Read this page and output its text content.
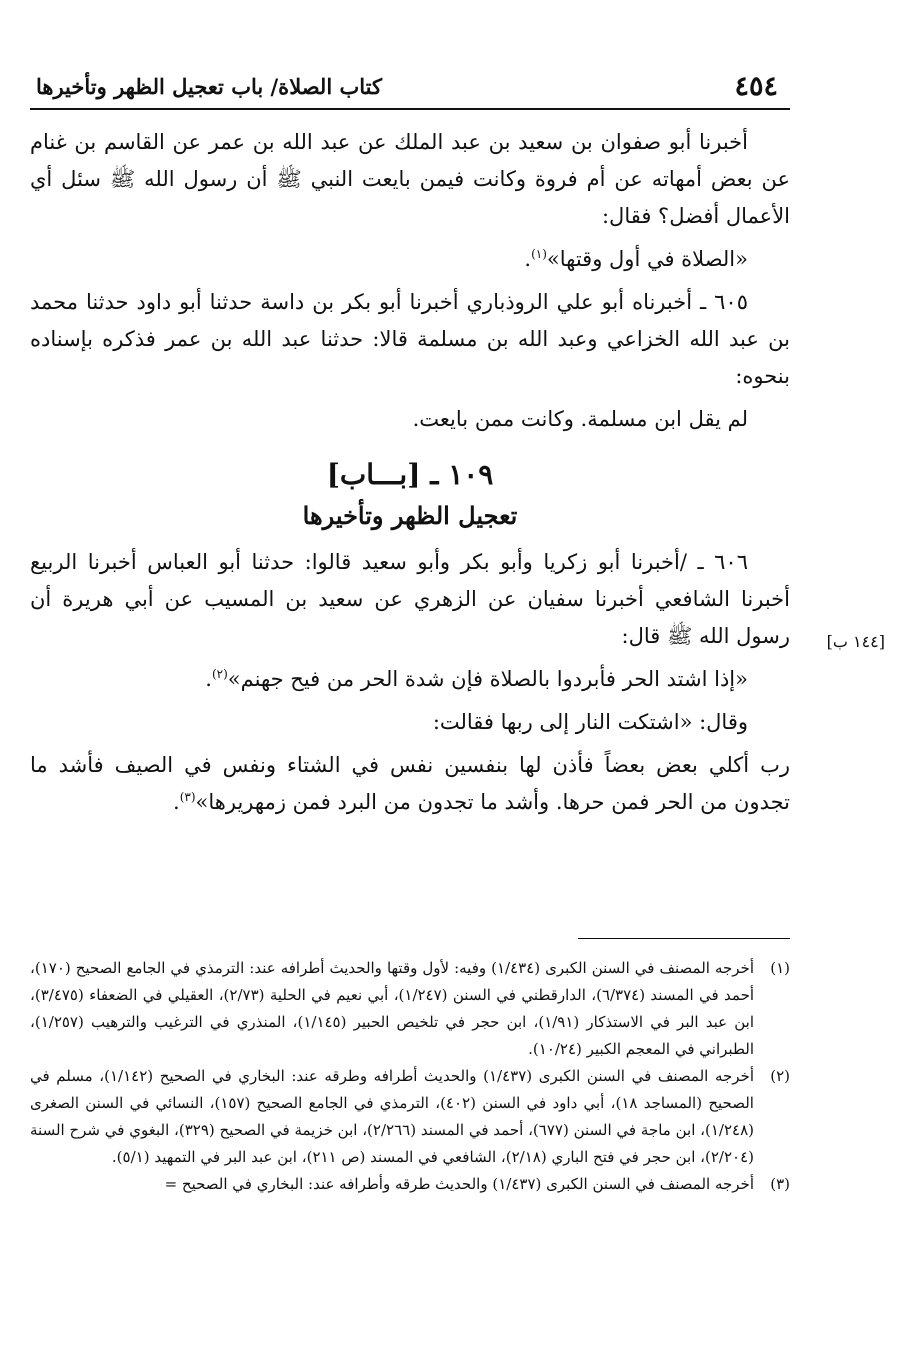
٤٥٤
كتاب الصلاة/ باب تعجيل الظهر وتأخيرها

أخبرنا أبو صفوان بن سعيد بن عبد الملك عن عبد الله بن عمر عن القاسم بن غنام عن بعض أمهاته عن أم فروة وكانت فيمن بايعت النبي ﷺ أن رسول الله ﷺ سئل أي الأعمال أفضل؟ فقال:

«الصلاة في أول وقتها»$^{(١)}$.

٦٠٥ ـ أخبرناه أبو علي الروذباري أخبرنا أبو بكر بن داسة حدثنا أبو داود حدثنا محمد بن عبد الله الخزاعي وعبد الله بن مسلمة قالا: حدثنا عبد الله بن عمر فذكره بإسناده بنحوه:

لم يقل ابن مسلمة. وكانت ممن بايعت.

١٠٩ ـ [بـــاب]
تعجيل الظهر وتأخيرها

٦٠٦ ـ /أخبرنا أبو زكريا وأبو بكر وأبو سعيد قالوا: حدثنا أبو العباس أخبرنا الربيع أخبرنا الشافعي أخبرنا سفيان عن الزهري عن سعيد بن المسيب عن أبي هريرة أن رسول الله ﷺ قال:

«إذا اشتد الحر فأبردوا بالصلاة فإن شدة الحر من فيح جهنم»$^{(٢)}$.

وقال: «اشتكت النار إلى ربها فقالت:

رب أكلي بعض بعضاً فأذن لها بنفسين نفس في الشتاء ونفس في الصيف فأشد ما تجدون من الحر فمن حرها. وأشد ما تجدون من البرد فمن زمهريرها»$^{(٣)}$.

[١٤٤ ب]
(١)
أخرجه المصنف في السنن الكبرى (١/٤٣٤) وفيه: لأول وقتها والحديث أطرافه عند: الترمذي في الجامع الصحيح (١٧٠)، أحمد في المسند (٦/٣٧٤)، الدارقطني في السنن (١/٢٤٧)، أبي نعيم في الحلية (٢/٧٣)، العقيلي في الضعفاء (٣/٤٧٥)، ابن عبد البر في الاستذكار (١/٩١)، ابن حجر في تلخيص الحبير (١/١٤٥)، المنذري في الترغيب والترهيب (١/٢٥٧)، الطبراني في المعجم الكبير (١٠/٢٤).
(٢)
أخرجه المصنف في السنن الكبرى (١/٤٣٧) والحديث أطرافه وطرقه عند: البخاري في الصحيح (١/١٤٢)، مسلم في الصحيح (المساجد ١٨)، أبي داود في السنن (٤٠٢)، الترمذي في الجامع الصحيح (١٥٧)، النسائي في السنن الصغرى (١/٢٤٨)، ابن ماجة في السنن (٦٧٧)، أحمد في المسند (٢/٢٦٦)، ابن خزيمة في الصحيح (٣٢٩)، البغوي في شرح السنة (٢/٢٠٤)، ابن حجر في فتح الباري (٢/١٨)، الشافعي في المسند (ص ٢١١)، ابن عبد البر في التمهيد (٥/١).
(٣)
أخرجه المصنف في السنن الكبرى (١/٤٣٧) والحديث طرقه وأطرافه عند: البخاري في الصحيح =
